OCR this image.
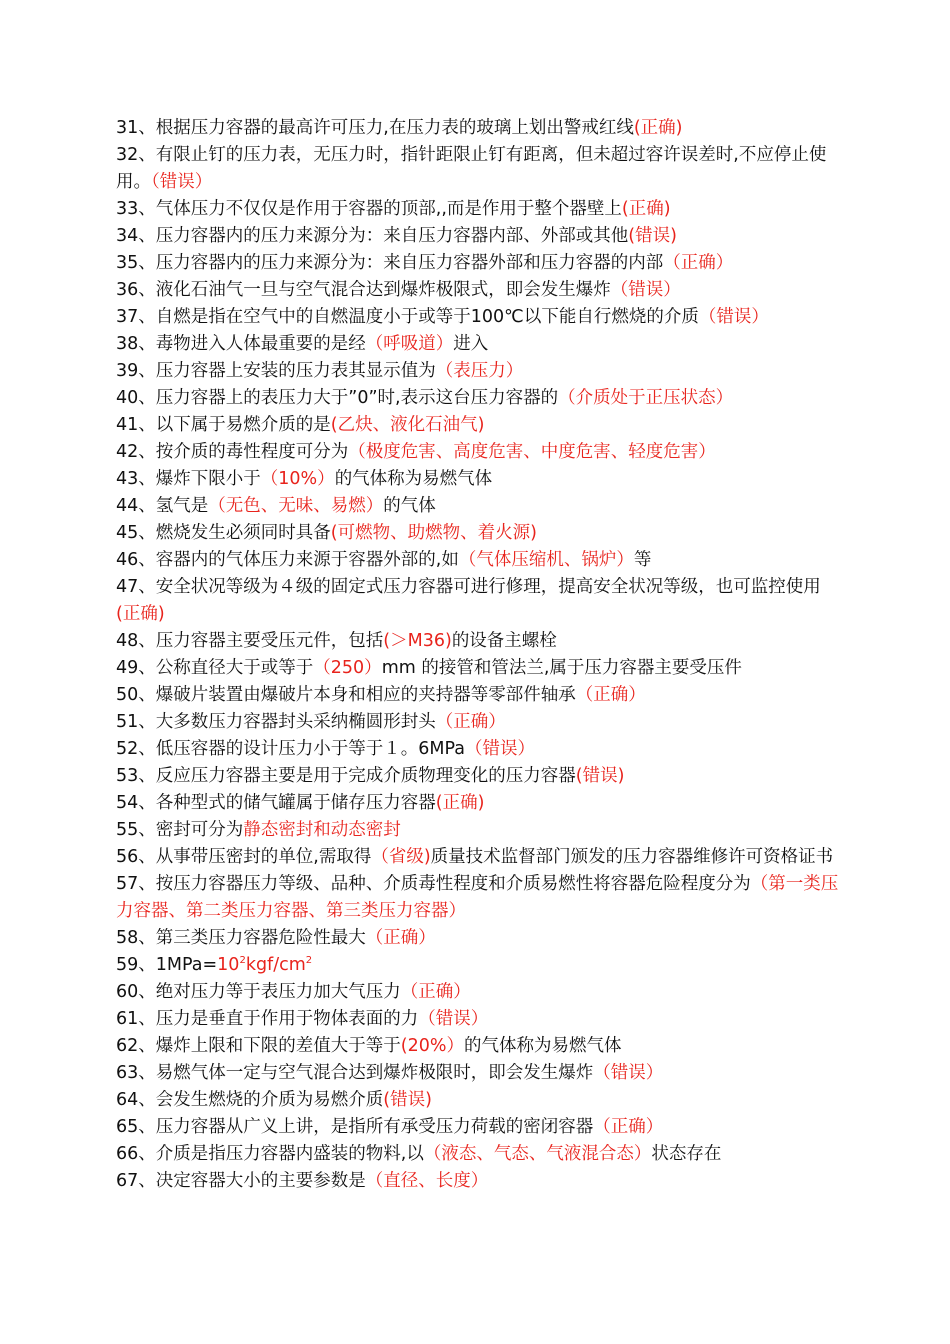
31、根据压力容器的最高许可压力,在压力表的玻璃上划出警戒红线(正确)
32、有限止钉的压力表，无压力时，指针距限止钉有距离，但未超过容许误差时,不应停止使用。（错误）
33、气体压力不仅仅是作用于容器的顶部,,而是作用于整个器壁上(正确)
34、压力容器内的压力来源分为：来自压力容器内部、外部或其他(错误)
35、压力容器内的压力来源分为：来自压力容器外部和压力容器的内部（正确）
36、液化石油气一旦与空气混合达到爆炸极限式，即会发生爆炸（错误）
37、自燃是指在空气中的自燃温度小于或等于100℃以下能自行燃烧的介质（错误）
38、毒物进入人体最重要的是经（呼吸道）进入
39、压力容器上安装的压力表其显示值为（表压力）
40、压力容器上的表压力大于”0”时,表示这台压力容器的（介质处于正压状态）
41、以下属于易燃介质的是(乙炔、液化石油气)
42、按介质的毒性程度可分为（极度危害、高度危害、中度危害、轻度危害）
43、爆炸下限小于（10%）的气体称为易燃气体
44、氢气是（无色、无味、易燃）的气体
45、燃烧发生必须同时具备(可燃物、助燃物、着火源)
46、容器内的气体压力来源于容器外部的,如（气体压缩机、锅炉）等
47、安全状况等级为４级的固定式压力容器可进行修理，提高安全状况等级，也可监控使用(正确)
48、压力容器主要受压元件，包括(＞M36)的设备主螺栓
49、公称直径大于或等于（250）mm 的接管和管法兰,属于压力容器主要受压件
50、爆破片装置由爆破片本身和相应的夹持器等零部件轴承（正确）
51、大多数压力容器封头采纳椭圆形封头（正确）
52、低压容器的设计压力小于等于１。6MPa（错误）
53、反应压力容器主要是用于完成介质物理变化的压力容器(错误)
54、各种型式的储气罐属于储存压力容器(正确)
55、密封可分为静态密封和动态密封
56、从事带压密封的单位,需取得（省级)质量技术监督部门颁发的压力容器维修许可资格证书
57、按压力容器压力等级、品种、介质毒性程度和介质易燃性将容器危险程度分为（第一类压力容器、第二类压力容器、第三类压力容器）
58、第三类压力容器危险性最大（正确）
59、$1MPa=10^2kgf/cm^2$
60、绝对压力等于表压力加大气压力（正确）
61、压力是垂直于作用于物体表面的力（错误）
62、爆炸上限和下限的差值大于等于(20%）的气体称为易燃气体
63、易燃气体一定与空气混合达到爆炸极限时，即会发生爆炸（错误）
64、会发生燃烧的介质为易燃介质(错误)
65、压力容器从广义上讲，是指所有承受压力荷载的密闭容器（正确）
66、介质是指压力容器内盛装的物料,以（液态、气态、气液混合态）状态存在
67、决定容器大小的主要参数是（直径、长度）
